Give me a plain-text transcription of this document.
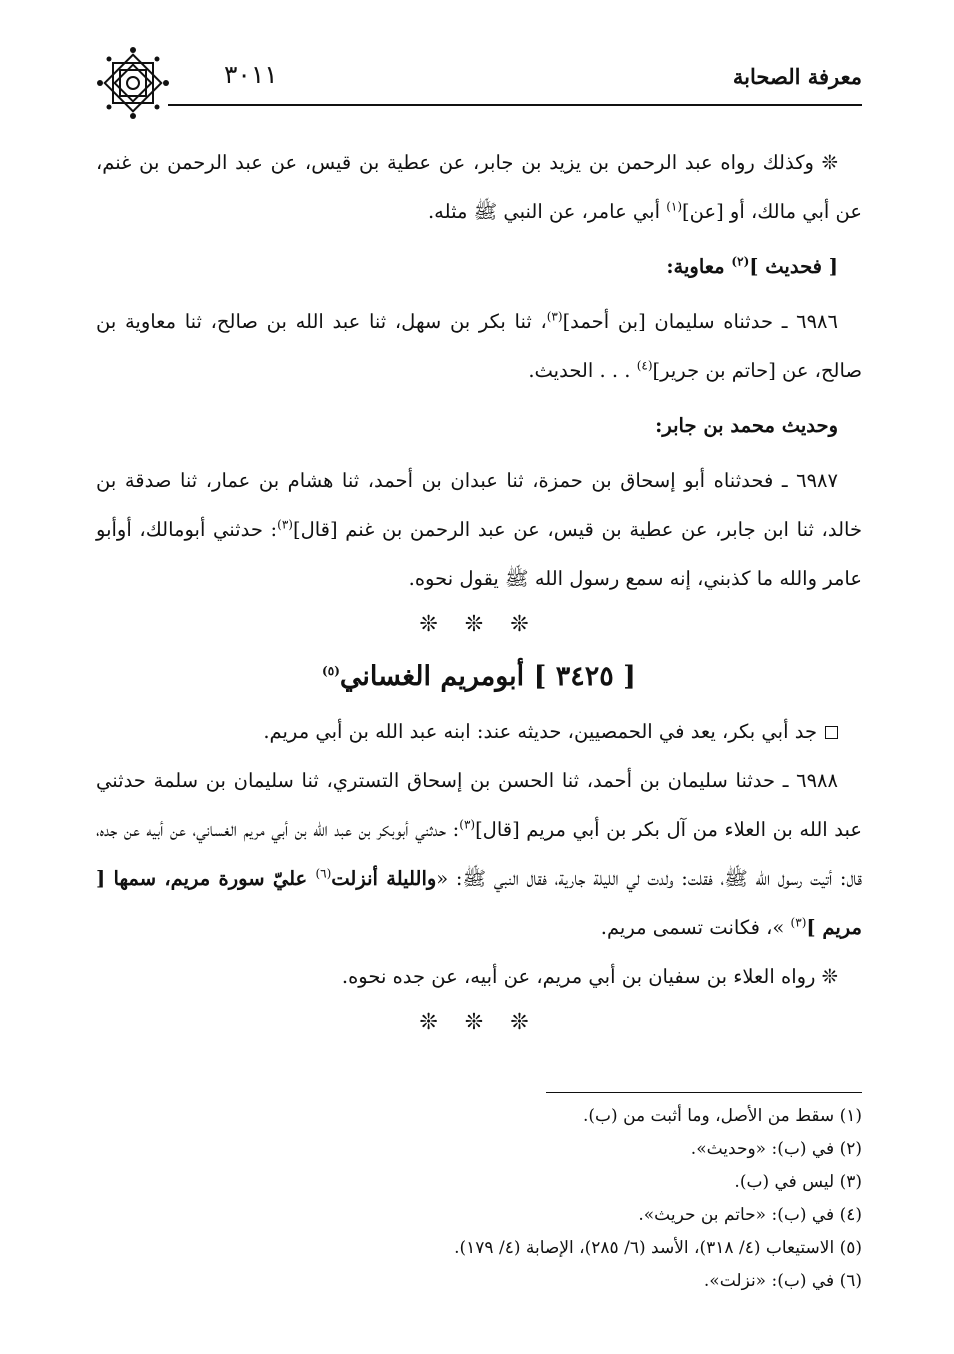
معرفة الصحابة
٣٠١١

❊ وكذلك رواه عبد الرحمن بن يزيد بن جابر، عن عطية بن قيس، عن عبد الرحمن بن غنم، عن أبي مالك، أو [عن]$^{(١)}$ أبي عامر، عن النبي ﷺ مثله.

[ فحديث ]$^{(٢)}$ معاوية:

٦٩٨٦ ـ حدثناه سليمان [بن أحمد]$^{(٣)}$، ثنا بكر بن سهل، ثنا عبد الله بن صالح، ثنا معاوية بن صالح، عن [حاتم بن جرير]$^{(٤)}$ . . . الحديث.

وحديث محمد بن جابر:

٦٩٨٧ ـ فحدثناه أبو إسحاق بن حمزة، ثنا عبدان بن أحمد، ثنا هشام بن عمار، ثنا صدقة بن خالد، ثنا ابن جابر، عن عطية بن قيس، عن عبد الرحمن بن غنم [قال]$^{(٣)}$: حدثني أبومالك، أوأبو عامر والله ما كذبني، إنه سمع رسول الله ﷺ يقول نحوه.

❊ ❊ ❊

[ ٣٤٢٥ ] أبومريم الغساني$^{(٥)}$

جد أبي بكر، يعد في الحمصيين، حديثه عند: ابنه عبد الله بن أبي مريم.

٦٩٨٨ ـ حدثنا سليمان بن أحمد، ثنا الحسن بن إسحاق التستري، ثنا سليمان بن سلمة حدثني عبد الله بن العلاء من آل بكر بن أبي مريم [قال]$^{(٣)}$: حدثني أبوبكر بن عبد الله بن أبي مريم الغساني، عن أبيه عن جده، قال: أتيت رسول الله ﷺ، فقلت: ولدت لي الليلة جارية، فقال النبي ﷺ: «والليلة أنزلت$^{(٦)}$ عليّ سورة مريم، سمها [ مريم ]$^{(٣)}$ »، فكانت تسمى مريم.

❊ رواه العلاء بن سفيان بن أبي مريم، عن أبيه، عن جده نحوه.

❊ ❊ ❊

(١) سقط من الأصل، وما أثبت من (ب).
(٢) في (ب): «وحديث».
(٣) ليس في (ب).
(٤) في (ب): «حاتم بن حريث».
(٥) الاستيعاب (٤/ ٣١٨)، الأسد (٦/ ٢٨٥)، الإصابة (٤/ ١٧٩).
(٦) في (ب): «نزلت».
